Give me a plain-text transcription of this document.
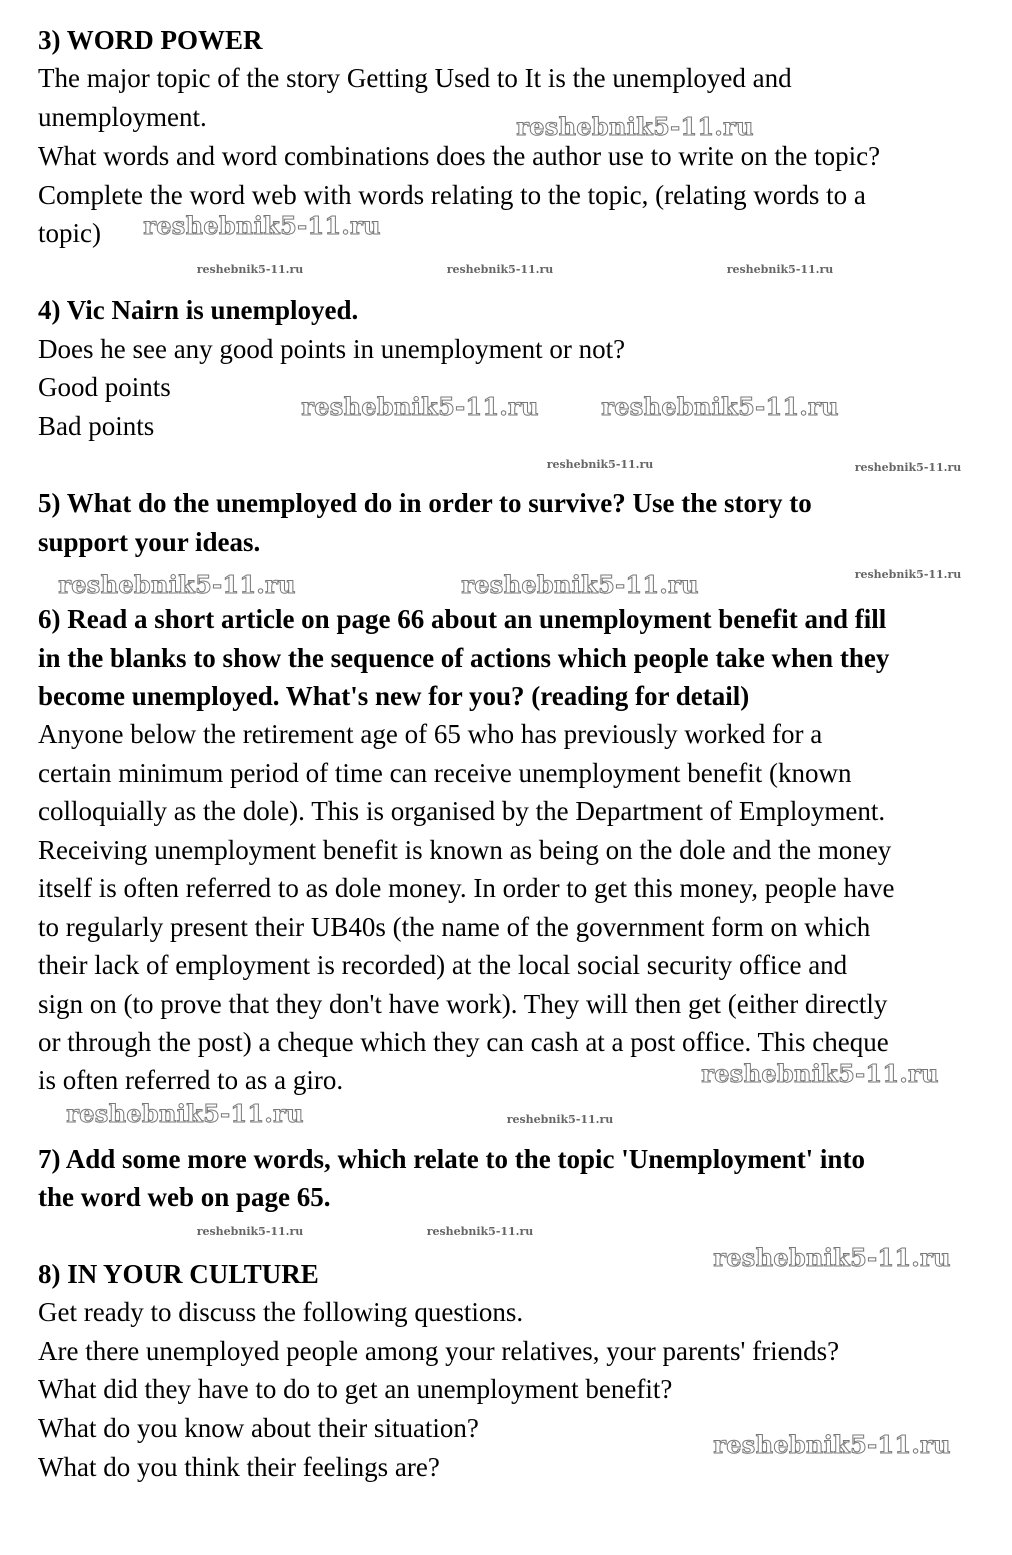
3) WORD POWER
The major topic of the story Getting Used to It is the unemployed and
unemployment.
What words and word combinations does the author use to write on the topic?
Complete the word web with words relating to the topic, (relating words to a
topic)
4) Vic Nairn is unemployed.
Does he see any good points in unemployment or not?
Good points
Bad points
5) What do the unemployed do in order to survive? Use the story to
support your ideas.
6) Read a short article on page 66 about an unemployment benefit and fill
in the blanks to show the sequence of actions which people take when they
become unemployed. What's new for you? (reading for detail)
Anyone below the retirement age of 65 who has previously worked for a
certain minimum period of time can receive unemployment benefit (known
colloquially as the dole). This is organised by the Department of Employment.
Receiving unemployment benefit is known as being on the dole and the money
itself is often referred to as dole money. In order to get this money, people have
to regularly present their UB40s (the name of the government form on which
their lack of employment is recorded) at the local social security office and
sign on (to prove that they don't have work). They will then get (either directly
or through the post) a cheque which they can cash at a post office. This cheque
is often referred to as a giro.
7) Add some more words, which relate to the topic 'Unemployment' into
the word web on page 65.
8) IN YOUR CULTURE
Get ready to discuss the following questions.
Are there unemployed people among your relatives, your parents' friends?
What did they have to do to get an unemployment benefit?
What do you know about their situation?
What do you think their feelings are?
reshebnik5-11.ru
reshebnik5-11.ru
reshebnik5-11.ru	reshebnik5-11.ru
reshebnik5-11.ru	reshebnik5-11.ru
reshebnik5-11.ru
reshebnik5-11.ru
reshebnik5-11.ru
reshebnik5-11.ru
reshebnik5-11.ru
reshebnik5-11.ru	reshebnik5-11.ru
reshebnik5-11.ru	reshebnik5-11.ru	reshebnik5-11.ru
reshebnik5-11.ru	reshebnik5-11.ru
reshebnik5-11.ru
